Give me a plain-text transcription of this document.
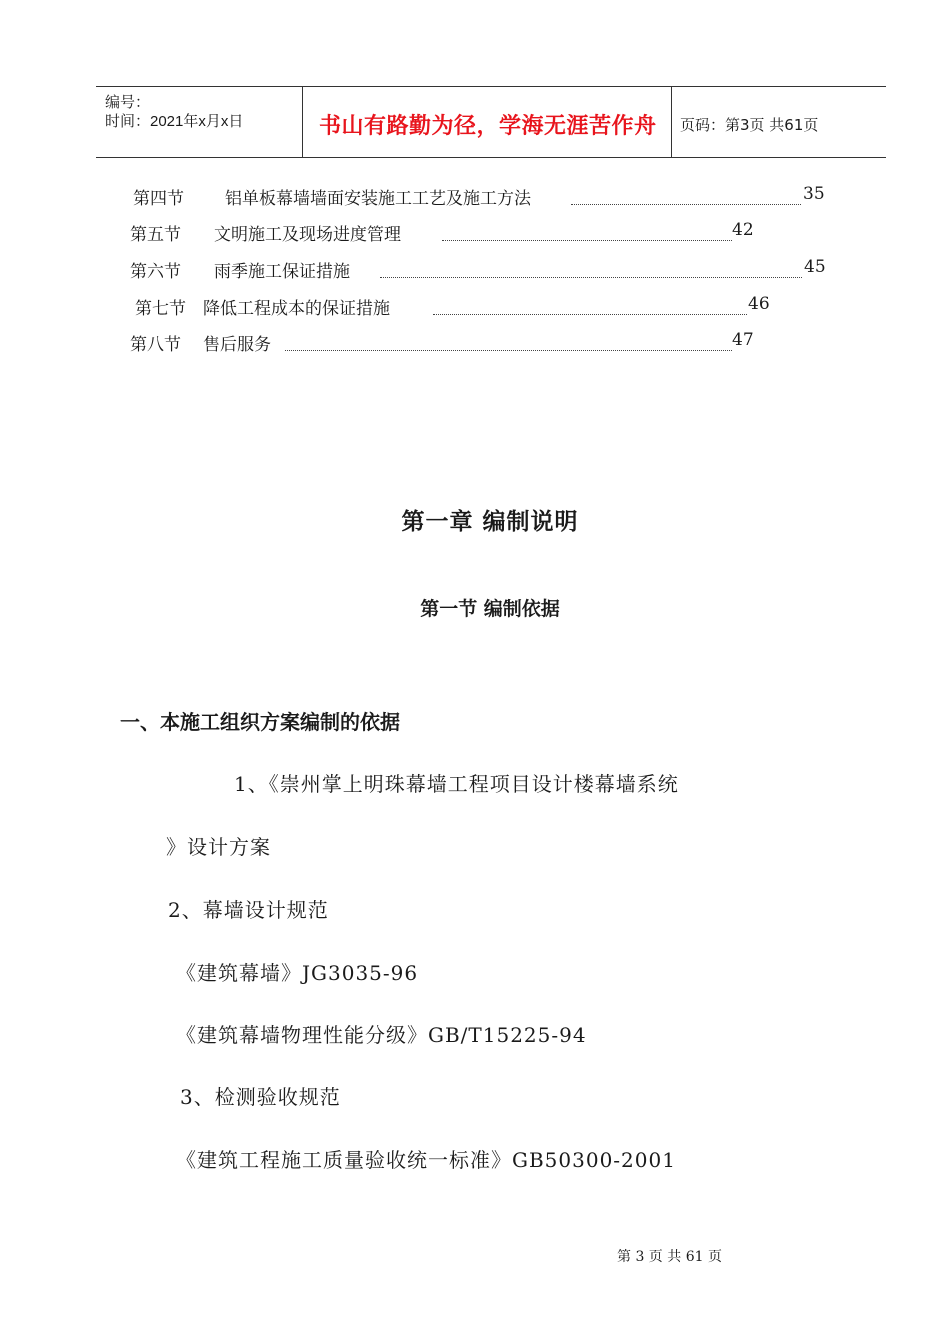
编号：
时间：2021年x月x日	书山有路勤为径，学海无涯苦作舟 页码：第3页 共61页
第四节 铝单板幕墙墙面安装施工工艺及施工方法	35
第五节 文明施工及现场进度管理	42
第六节 雨季施工保证措施	45
第七节 降低工程成本的保证措施	46
第八节 售后服务	47
第一章 编制说明
第一节 编制依据
一、本施工组织方案编制的依据
1、《崇州掌上明珠幕墙工程项目设计楼幕墙系统
》设计方案
2、幕墙设计规范
《建筑幕墙》JG3035-96
《建筑幕墙物理性能分级》GB/T15225-94
3、检测验收规范
《建筑工程施工质量验收统一标准》GB50300-2001
第 3 页 共 61 页
